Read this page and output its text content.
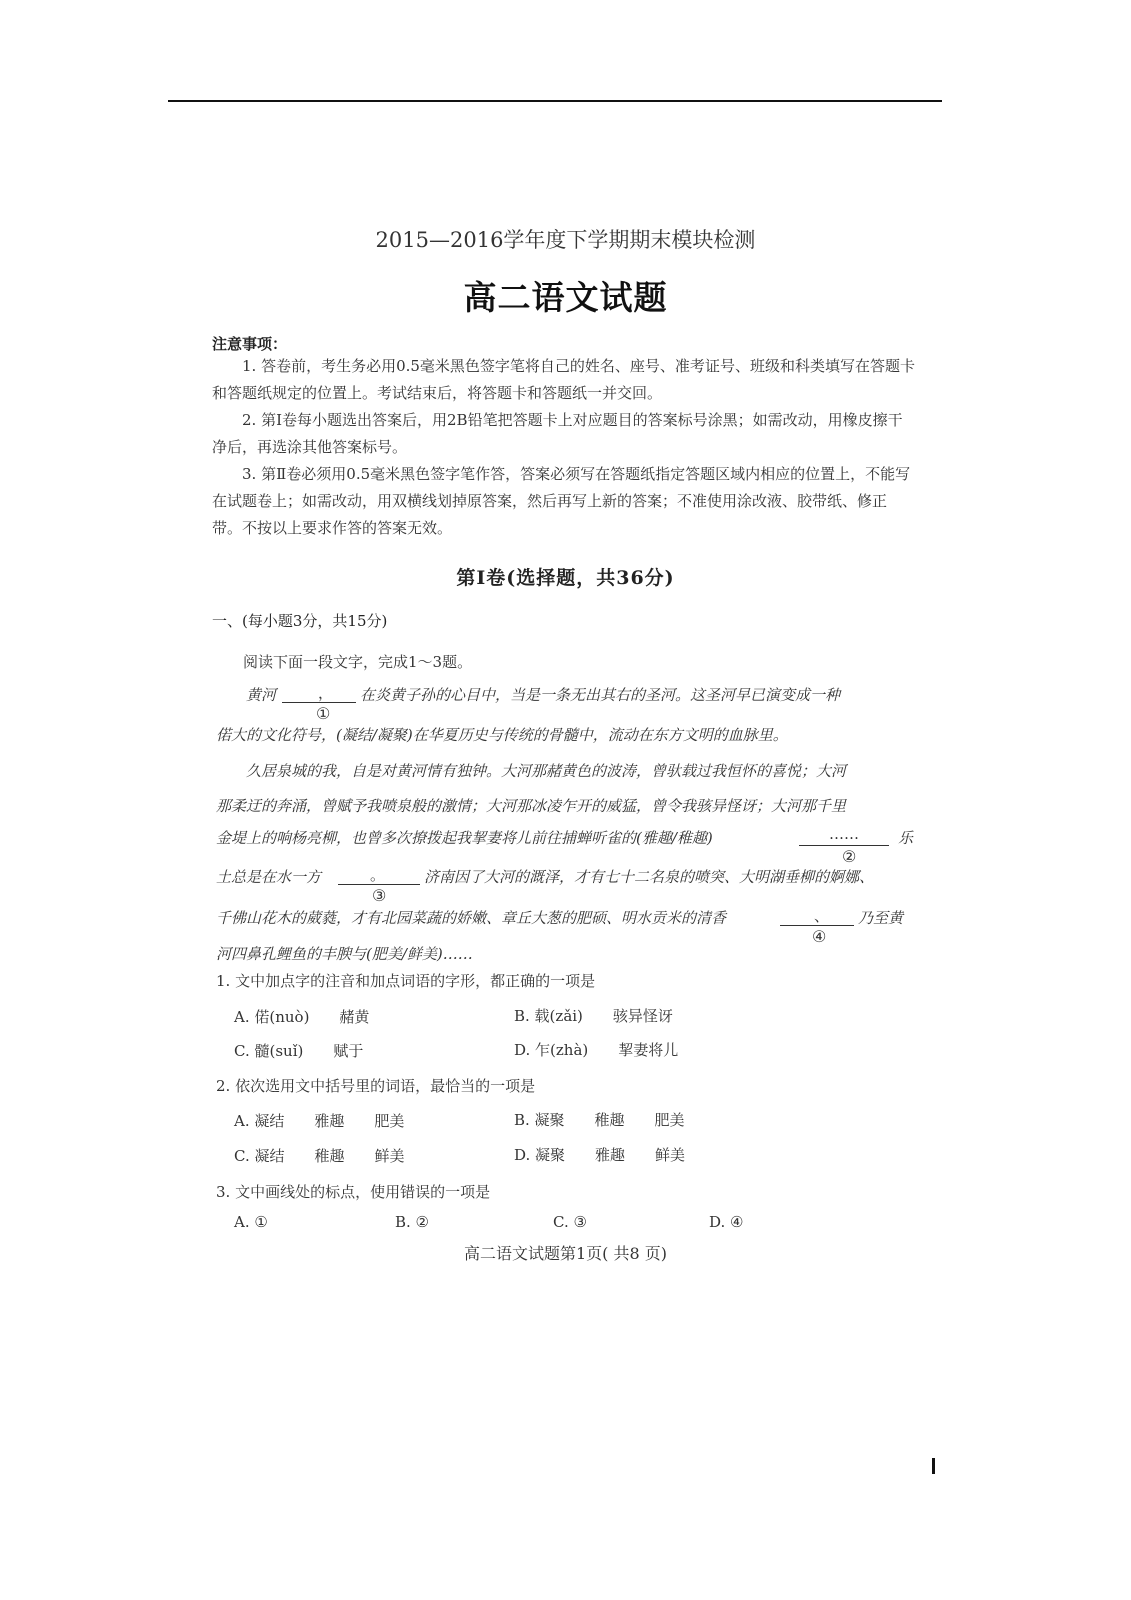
2015—2016学年度下学期期末模块检测
高二语文试题
注意事项：
1. 答卷前，考生务必用0.5毫米黑色签字笔将自己的姓名、座号、准考证号、班级和科类填写在答题卡和答题纸规定的位置上。考试结束后，将答题卡和答题纸一并交回。
2. 第Ⅰ卷每小题选出答案后，用2B铅笔把答题卡上对应题目的答案标号涂黑；如需改动，用橡皮擦干净后，再选涂其他答案标号。
3. 第Ⅱ卷必须用0.5毫米黑色签字笔作答，答案必须写在答题纸指定答题区域内相应的位置上，不能写在试题卷上；如需改动，用双横线划掉原答案，然后再写上新的答案；不准使用涂改液、胶带纸、修正带。不按以上要求作答的答案无效。
第Ⅰ卷(选择题，共36分)
一、(每小题3分，共15分)
阅读下面一段文字，完成1～3题。
黄河	，
①
在炎黄子孙的心目中，当是一条无出其右的圣河。这圣河早已演变成一种
偌大的文化符号，(凝结/凝聚)在华夏历史与传统的骨髓中，流动在东方文明的血脉里。
久居泉城的我，自是对黄河情有独钟。大河那赭黄色的波涛，曾驮载过我恒怀的喜悦；大河
那柔迂的奔涌，曾赋予我喷泉般的激情；大河那冰凌乍开的威猛，曾令我骇异怪讶；大河那千里
金堤上的响杨亮柳，也曾多次撩拨起我挈妻将儿前往捕蝉听雀的(雅趣/稚趣)	……
②
乐
土总是在水一方	。
③
济南因了大河的溉泽，才有七十二名泉的喷突、大明湖垂柳的婀娜、
千佛山花木的葳蕤，才有北园菜蔬的娇嫩、章丘大葱的肥硕、明水贡米的清香	、
④
乃至黄
河四鼻孔鲤鱼的丰腴与(肥美/鲜美)……
1. 文中加点字的注音和加点词语的字形，都正确的一项是
A. 偌(nuò)　　赭黄	B. 载(zǎi)　　骇异怪讶
C. 髓(suǐ)　　赋于	D. 乍(zhà)　　挈妻将儿
2. 依次选用文中括号里的词语，最恰当的一项是
A. 凝结　　雅趣　　肥美	B. 凝聚　　稚趣　　肥美
C. 凝结　　稚趣　　鲜美	D. 凝聚　　雅趣　　鲜美
3. 文中画线处的标点，使用错误的一项是
A. ①	B. ②	C. ③	D. ④
高二语文试题第1页( 共8 页)
